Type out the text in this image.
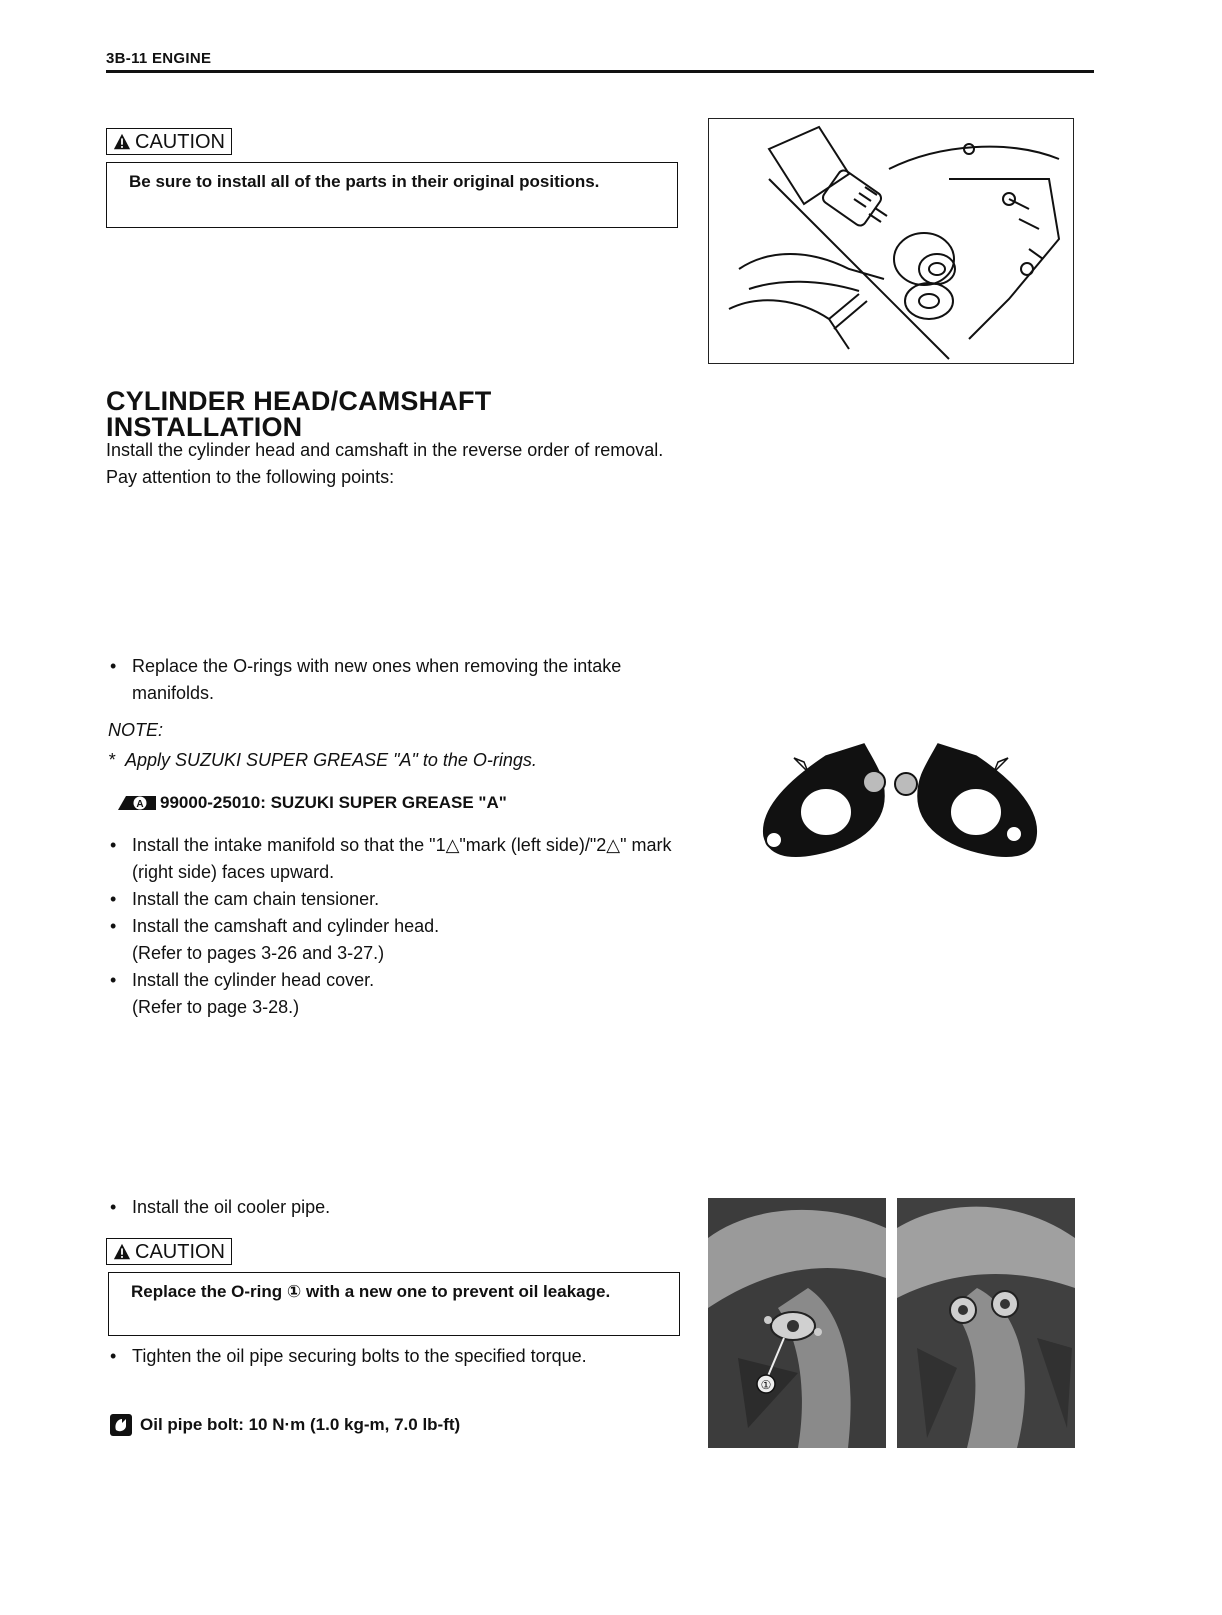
3B-11 ENGINE
CAUTION
Be sure to install all of the parts in their original positions.
CYLINDER HEAD/CAMSHAFT INSTALLATION
Install the cylinder head and camshaft in the reverse order of removal. Pay attention to the following points:
• Replace the O-rings with new ones when removing the intake manifolds.
NOTE:
*  Apply SUZUKI SUPER GREASE "A" to the O-rings.
A 99000-25010: SUZUKI SUPER GREASE "A"
• Install the intake manifold so that the "1△"mark (left side)/"2△" mark (right side) faces upward.
• Install the cam chain tensioner.
• Install the camshaft and cylinder head.
(Refer to pages 3-26 and 3-27.)
• Install the cylinder head cover.
(Refer to page 3-28.)
• Install the oil cooler pipe.
CAUTION
Replace the O-ring ① with a new one to prevent oil leakage.
• Tighten the oil pipe securing bolts to the specified torque.
Oil pipe bolt: 10 N·m (1.0 kg-m, 7.0 lb-ft)
①
